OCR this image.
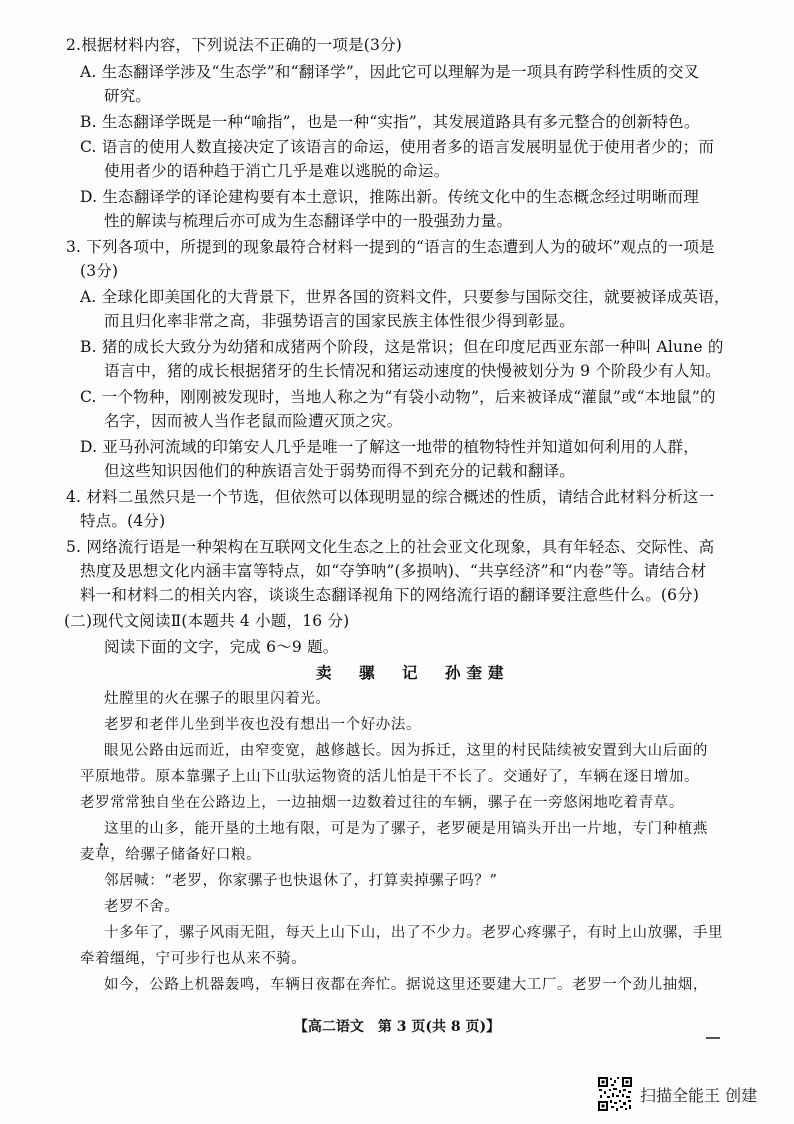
2.根据材料内容，下列说法不正确的一项是(3分)
A. 生态翻译学涉及“生态学”和“翻译学”，因此它可以理解为是一项具有跨学科性质的交叉
研究。
B. 生态翻译学既是一种“喻指”，也是一种“实指”，其发展道路具有多元整合的创新特色。
C. 语言的使用人数直接决定了该语言的命运，使用者多的语言发展明显优于使用者少的；而
使用者少的语种趋于消亡几乎是难以逃脱的命运。
D. 生态翻译学的译论建构要有本土意识，推陈出新。传统文化中的生态概念经过明晰而理
性的解读与梳理后亦可成为生态翻译学中的一股强劲力量。
3. 下列各项中，所提到的现象最符合材料一提到的“语言的生态遭到人为的破坏”观点的一项是
(3分)
A. 全球化即美国化的大背景下，世界各国的资料文件，只要参与国际交往，就要被译成英语，
而且归化率非常之高，非强势语言的国家民族主体性很少得到彰显。
B. 猪的成长大致分为幼猪和成猪两个阶段，这是常识；但在印度尼西亚东部一种叫 Alune 的
语言中，猪的成长根据猪牙的生长情况和猪运动速度的快慢被划分为 9 个阶段少有人知。
C. 一个物种，刚刚被发现时，当地人称之为“有袋小动物”，后来被译成“灌鼠”或“本地鼠”的
名字，因而被人当作老鼠而险遭灭顶之灾。
D. 亚马孙河流域的印第安人几乎是唯一了解这一地带的植物特性并知道如何利用的人群，
但这些知识因他们的种族语言处于弱势而得不到充分的记载和翻译。
4. 材料二虽然只是一个节选，但依然可以体现明显的综合概述的性质，请结合此材料分析这一
特点。(4分)
5. 网络流行语是一种架构在互联网文化生态之上的社会亚文化现象，具有年轻态、交际性、高
热度及思想文化内涵丰富等特点，如“夺笋呐”(多损呐)、“共享经济”和“内卷”等。请结合材
料一和材料二的相关内容，谈谈生态翻译视角下的网络流行语的翻译要注意些什么。(6分)
(二)现代文阅读Ⅱ(本题共 4 小题，16 分)
阅读下面的文字，完成 6～9 题。
卖　骡　记　孙奎建
灶膛里的火在骡子的眼里闪着光。
老罗和老伴儿坐到半夜也没有想出一个好办法。
眼见公路由远而近，由窄变宽，越修越长。因为拆迁，这里的村民陆续被安置到大山后面的
平原地带。原本靠骡子上山下山驮运物资的活儿怕是干不长了。交通好了，车辆在逐日增加。
老罗常常独自坐在公路边上，一边抽烟一边数着过往的车辆，骡子在一旁悠闲地吃着青草。
这里的山多，能开垦的土地有限，可是为了骡子，老罗硬是用镐头开出一片地，专门种植燕
麦草，给骡子储备好口粮。
邻居喊：“老罗，你家骡子也快退休了，打算卖掉骡子吗？”
老罗不舍。
十多年了，骡子风雨无阻，每天上山下山，出了不少力。老罗心疼骡子，有时上山放骡，手里
牵着缰绳，宁可步行也从来不骑。
如今，公路上机器轰鸣，车辆日夜都在奔忙。据说这里还要建大工厂。老罗一个劲儿抽烟，
【高二语文　第 3 页(共 8 页)】
扫描全能王 创建
